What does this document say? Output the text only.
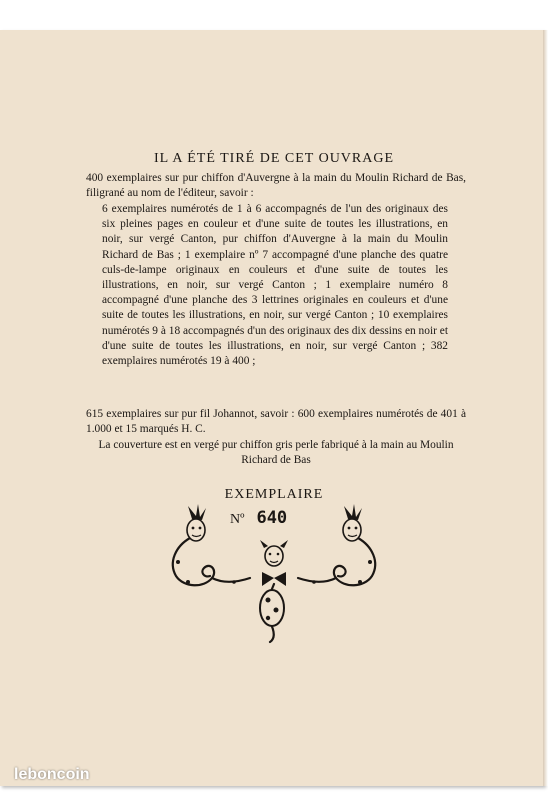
IL A ÉTÉ TIRÉ DE CET OUVRAGE
400 exemplaires sur pur chiffon d'Auvergne à la main du Moulin Richard de Bas, filigrané au nom de l'éditeur, savoir :
6 exemplaires numérotés de 1 à 6 accompagnés de l'un des originaux des six pleines pages en couleur et d'une suite de toutes les illustrations, en noir, sur vergé Canton, pur chiffon d'Auvergne à la main du Moulin Richard de Bas ; 1 exemplaire nº 7 accompagné d'une planche des quatre culs-de-lampe originaux en couleurs et d'une suite de toutes les illustrations, en noir, sur vergé Canton ; 1 exemplaire numéro 8 accompagné d'une planche des 3 lettrines originales en couleurs et d'une suite de toutes les illustrations, en noir, sur vergé Canton ; 10 exemplaires numérotés 9 à 18 accompagnés d'un des originaux des dix dessins en noir et d'une suite de toutes les illustrations, en noir, sur vergé Canton ; 382 exemplaires numérotés 19 à 400 ;
615 exemplaires sur pur fil Johannot, savoir : 600 exemplaires numérotés de 401 à 1.000 et 15 marqués H. C.
La couverture est en vergé pur chiffon gris perle fabriqué à la main au Moulin Richard de Bas
EXEMPLAIRE
Nº 640
leboncoin
